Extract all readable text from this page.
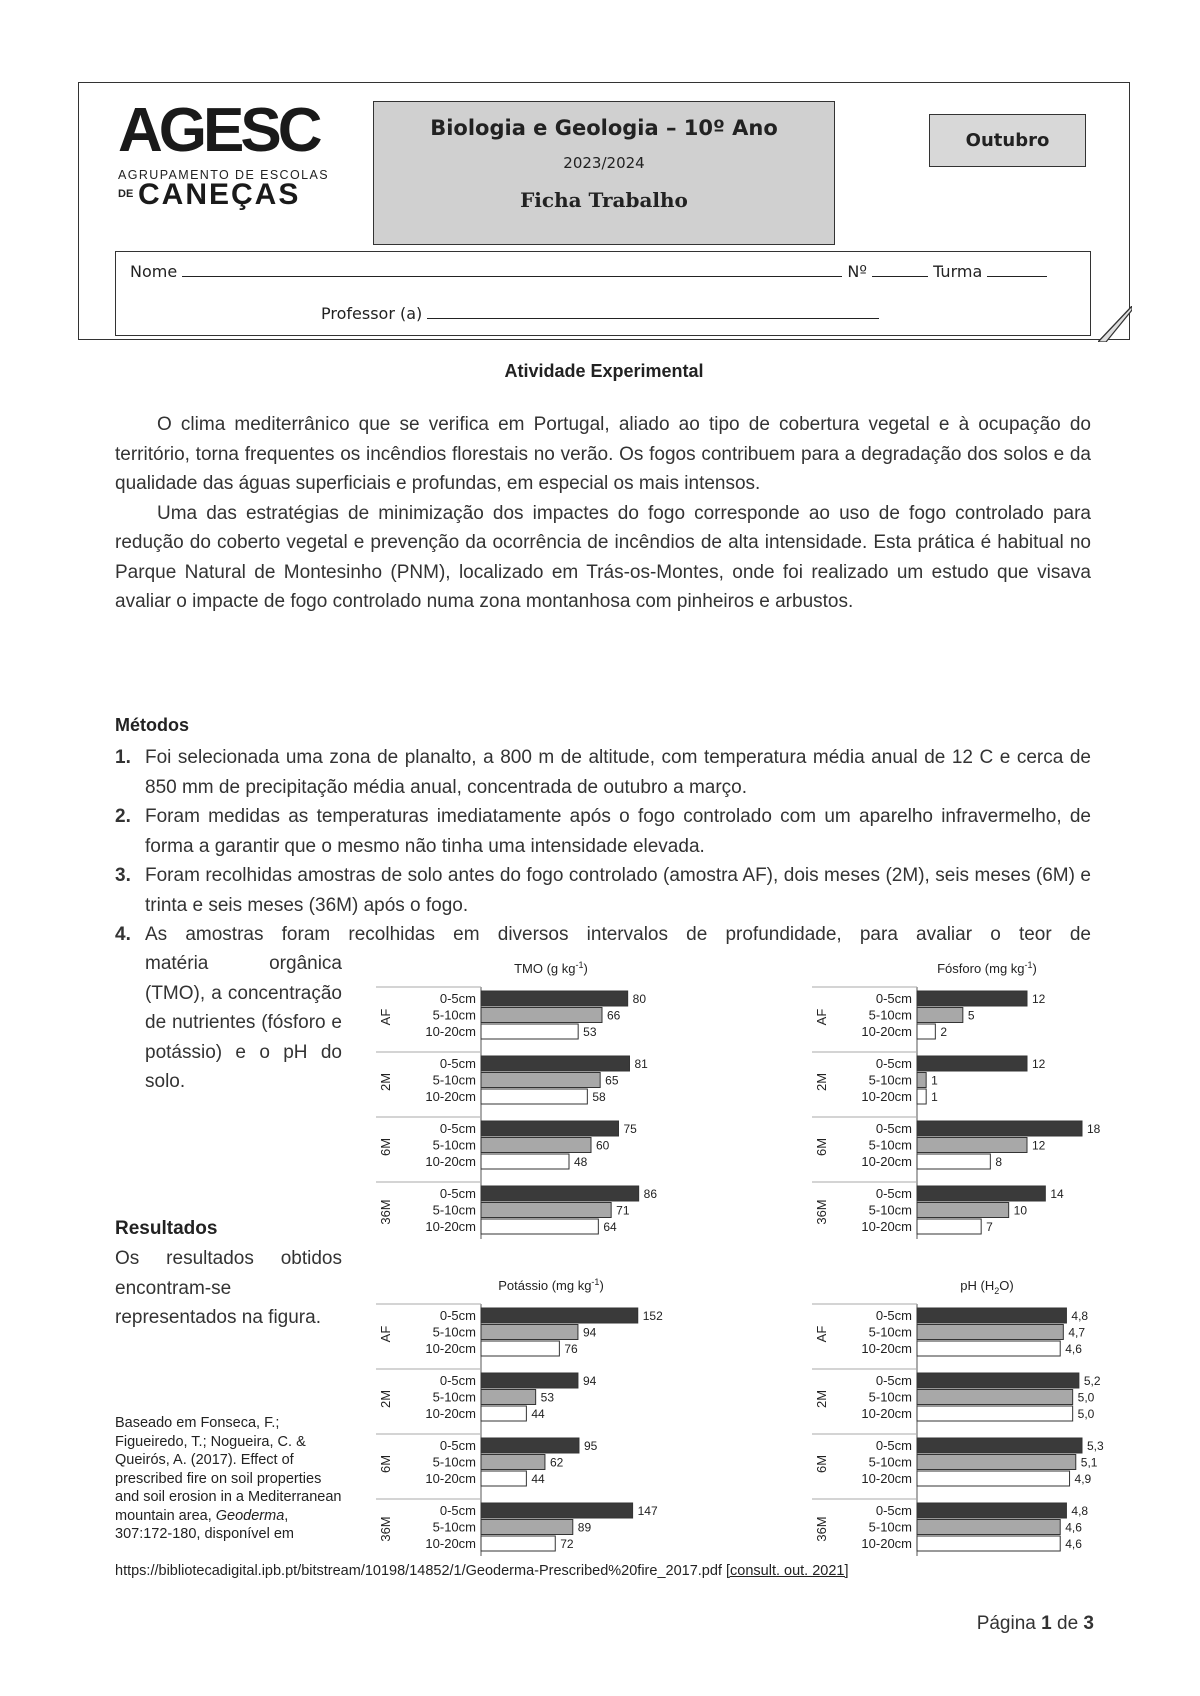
AGESC
AGRUPAMENTO DE ESCOLAS
DE CANEÇAS
Biologia e Geologia – 10º Ano
2023/2024
Ficha Trabalho
Outubro
Nome	Nº	Turma
Professor (a)
Atividade Experimental

O clima mediterrânico que se verifica em Portugal, aliado ao tipo de cobertura vegetal e à ocupação do território, torna frequentes os incêndios florestais no verão. Os fogos contribuem para a degradação dos solos e da qualidade das águas superficiais e profundas, em especial os mais intensos.

Uma das estratégias de minimização dos impactes do fogo corresponde ao uso de fogo controlado para redução do coberto vegetal e prevenção da ocorrência de incêndios de alta intensidade. Esta prática é habitual no Parque Natural de Montesinho (PNM), localizado em Trás-os-Montes, onde foi realizado um estudo que visava avaliar o impacte de fogo controlado numa zona montanhosa com pinheiros e arbustos.

Métodos
1. Foi selecionada uma zona de planalto, a 800 m de altitude, com temperatura média anual de 12 C e cerca de 850 mm de precipitação média anual, concentrada de outubro a março.
2. Foram medidas as temperaturas imediatamente após o fogo controlado com um aparelho infravermelho, de forma a garantir que o mesmo não tinha uma intensidade elevada.
3. Foram recolhidas amostras de solo antes do fogo controlado (amostra AF), dois meses (2M), seis meses (6M) e trinta e seis meses (36M) após o fogo.
4. As amostras foram recolhidas em diversos intervalos de profundidade, para avaliar o teor de
matéria orgânica (TMO), a concentração de nutrientes (fósforo e potássio) e o pH do solo.
Resultados
Os resultados obtidos encontram-se representados na figura.
Baseado em Fonseca, F.; Figueiredo, T.; Nogueira, C. & Queirós, A. (2017). Effect of prescribed fire on soil properties and soil erosion in a Mediterranean mountain area, Geoderma, 307:172-180, disponível em
https://bibliotecadigital.ipb.pt/bitstream/10198/14852/1/Geoderma-Prescribed%20fire_2017.pdf [consult. out. 2021]
TMO (g $kg^{-1}$)
AF
0-5cm	80
5-10cm	66
10-20cm	53
2M
0-5cm	81
5-10cm	65
10-20cm	58
6M
0-5cm	75
5-10cm	60
10-20cm	48
36M
0-5cm	86
5-10cm	71
10-20cm	64
Fósforo (mg $kg^{-1}$)
AF
0-5cm	12
5-10cm	5
10-20cm 2
2M
0-5cm	12
5-10cm 1
10-20cm 1
6M
0-5cm	18
5-10cm	12
10-20cm	8
36M
0-5cm	14
5-10cm	10
10-20cm	7
Potássio (mg $kg^{-1}$)
AF
0-5cm	152
5-10cm	94
10-20cm	76
2M
0-5cm	94
5-10cm	53
10-20cm	44
6M
0-5cm	95
5-10cm	62
10-20cm	44
36M
0-5cm	147
5-10cm	89
10-20cm	72
pH $(H_2O)$
AF
0-5cm	4,8
5-10cm	4,7
10-20cm	4,6
2M
0-5cm	5,2
5-10cm	5,0
10-20cm	5,0
6M
0-5cm	5,3
5-10cm	5,1
10-20cm	4,9
36M
0-5cm	4,8
5-10cm	4,6
10-20cm	4,6
Página 1 de 3
